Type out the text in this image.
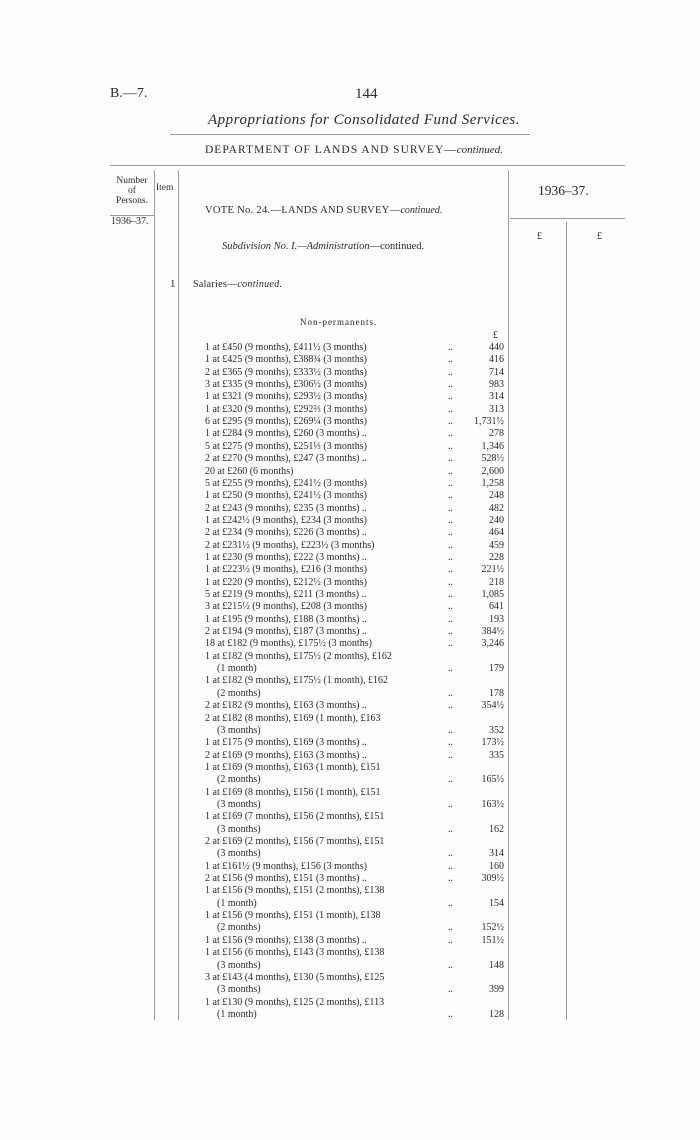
B.—7.	144
Appropriations for Consolidated Fund Services.
DEPARTMENT OF LANDS AND SURVEY—continued.
Number of Persons.
Item	1936–37.
1936–37.
£	£
VOTE No. 24.—LANDS AND SURVEY—continued.
Subdivision No. I.—Administration—continued.
1 Salaries—continued.
Non-permanents.
£
1 at £450 (9 months), £411½ (3 months)	..	440
1 at £425 (9 months), £388¾ (3 months)	..	416
2 at £365 (9 months), £333½ (3 months)	..	714
3 at £335 (9 months), £306½ (3 months)	..	983
1 at £321 (9 months), £293½ (3 months)	..	314
1 at £320 (9 months), £292⅔ (3 months)	..	313
6 at £295 (9 months), £269¼ (3 months)	..	1,731½
1 at £284 (9 months), £260 (3 months) ..	..	278
5 at £275 (9 months), £251⅓ (3 months)	..	1,346
2 at £270 (9 months), £247 (3 months) ..	..	528½
20 at £260 (6 months)	..	2,600
5 at £255 (9 months), £241½ (3 months)	..	1,258
1 at £250 (9 months), £241½ (3 months)	..	248
2 at £243 (9 months), £235 (3 months) ..	..	482
1 at £242½ (9 months), £234 (3 months)	..	240
2 at £234 (9 months), £226 (3 months) ..	..	464
2 at £231½ (9 months), £223½ (3 months)	..	459
1 at £230 (9 months), £222 (3 months) ..	..	228
1 at £223½ (9 months), £216 (3 months)	..	221½
1 at £220 (9 months), £212½ (3 months)	..	218
5 at £219 (9 months), £211 (3 months) ..	..	1,085
3 at £215½ (9 months), £208 (3 months)	..	641
1 at £195 (9 months), £188 (3 months) ..	..	193
2 at £194 (9 months), £187 (3 months) ..	..	384½
18 at £182 (9 months), £175½ (3 months)	..	3,246
1 at £182 (9 months), £175½ (2 months), £162
(1 month)	..	179
1 at £182 (9 months), £175½ (1 month), £162
(2 months)	..	178
2 at £182 (9 months), £163 (3 months) ..	..	354½
2 at £182 (8 months), £169 (1 month), £163
(3 months)	..	352
1 at £175 (9 months), £169 (3 months) ..	..	173½
2 at £169 (9 months), £163 (3 months) ..	..	335
1 at £169 (9 months), £163 (1 month), £151
(2 months)	..	165½
1 at £169 (8 months), £156 (1 month), £151
(3 months)	..	163½
1 at £169 (7 months), £156 (2 months), £151
(3 months)	..	162
2 at £169 (2 months), £156 (7 months), £151
(3 months)	..	314
1 at £161½ (9 months), £156 (3 months)	..	160
2 at £156 (9 months), £151 (3 months) ..	..	309½
1 at £156 (9 months), £151 (2 months), £138
(1 month)	..	154
1 at £156 (9 months), £151 (1 month), £138
(2 months)	..	152½
1 at £156 (9 months), £138 (3 months) ..	..	151½
1 at £156 (6 months), £143 (3 months), £138
(3 months)	..	148
3 at £143 (4 months), £130 (5 months), £125
(3 months)	..	399
1 at £130 (9 months), £125 (2 months), £113
(1 month)	..	128
